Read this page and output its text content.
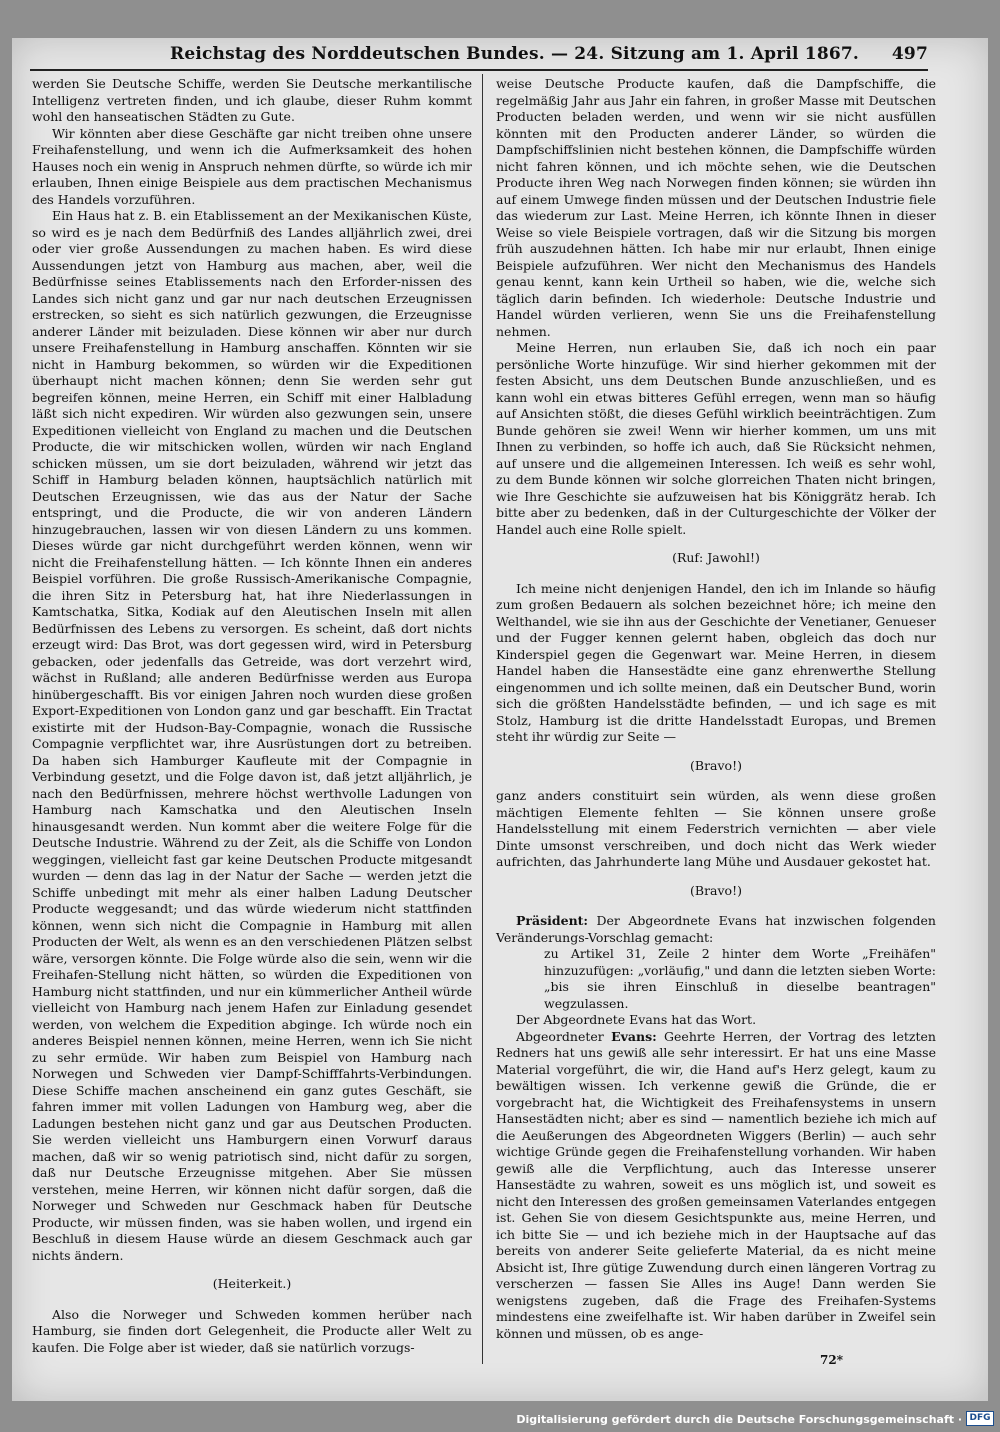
Reichstag des Norddeutschen Bundes. — 24. Sitzung am 1. April 1867. 497

werden Sie Deutsche Schiffe, werden Sie Deutsche merkantilische Intelligenz vertreten finden, und ich glaube, dieser Ruhm kommt wohl den hanseatischen Städten zu Gute.

Wir könnten aber diese Geschäfte gar nicht treiben ohne unsere Freihafenstellung, und wenn ich die Aufmerksamkeit des hohen Hauses noch ein wenig in Anspruch nehmen dürfte, so würde ich mir erlauben, Ihnen einige Beispiele aus dem practischen Mechanismus des Handels vorzuführen.

Ein Haus hat z. B. ein Etablissement an der Mexikanischen Küste, so wird es je nach dem Bedürfniß des Landes alljährlich zwei, drei oder vier große Aussendungen zu machen haben. Es wird diese Aussendungen jetzt von Hamburg aus machen, aber, weil die Bedürfnisse seines Etablissements nach den Erforder-nissen des Landes sich nicht ganz und gar nur nach deutschen Erzeugnissen erstrecken, so sieht es sich natürlich gezwungen, die Erzeugnisse anderer Länder mit beizuladen. Diese können wir aber nur durch unsere Freihafenstellung in Hamburg anschaffen. Könnten wir sie nicht in Hamburg bekommen, so würden wir die Expeditionen überhaupt nicht machen können; denn Sie werden sehr gut begreifen können, meine Herren, ein Schiff mit einer Halbladung läßt sich nicht expediren. Wir würden also gezwungen sein, unsere Expeditionen vielleicht von England zu machen und die Deutschen Producte, die wir mitschicken wollen, würden wir nach England schicken müssen, um sie dort beizuladen, während wir jetzt das Schiff in Hamburg beladen können, hauptsächlich natürlich mit Deutschen Erzeugnissen, wie das aus der Natur der Sache entspringt, und die Producte, die wir von anderen Ländern hinzugebrauchen, lassen wir von diesen Ländern zu uns kommen. Dieses würde gar nicht durchgeführt werden können, wenn wir nicht die Freihafenstellung hätten. — Ich könnte Ihnen ein anderes Beispiel vorführen. Die große Russisch-Amerikanische Compagnie, die ihren Sitz in Petersburg hat, hat ihre Niederlassungen in Kamtschatka, Sitka, Kodiak auf den Aleutischen Inseln mit allen Bedürfnissen des Lebens zu versorgen. Es scheint, daß dort nichts erzeugt wird: Das Brot, was dort gegessen wird, wird in Petersburg gebacken, oder jedenfalls das Getreide, was dort verzehrt wird, wächst in Rußland; alle anderen Bedürfnisse werden aus Europa hinübergeschafft. Bis vor einigen Jahren noch wurden diese großen Export-Expeditionen von London ganz und gar beschafft. Ein Tractat existirte mit der Hudson-Bay-Compagnie, wonach die Russische Compagnie verpflichtet war, ihre Ausrüstungen dort zu betreiben. Da haben sich Hamburger Kaufleute mit der Compagnie in Verbindung gesetzt, und die Folge davon ist, daß jetzt alljährlich, je nach den Bedürfnissen, mehrere höchst werthvolle Ladungen von Hamburg nach Kamschatka und den Aleutischen Inseln hinausgesandt werden. Nun kommt aber die weitere Folge für die Deutsche Industrie. Während zu der Zeit, als die Schiffe von London weggingen, vielleicht fast gar keine Deutschen Producte mitgesandt wurden — denn das lag in der Natur der Sache — werden jetzt die Schiffe unbedingt mit mehr als einer halben Ladung Deutscher Producte weggesandt; und das würde wiederum nicht stattfinden können, wenn sich nicht die Compagnie in Hamburg mit allen Producten der Welt, als wenn es an den verschiedenen Plätzen selbst wäre, versorgen könnte. Die Folge würde also die sein, wenn wir die Freihafen-Stellung nicht hätten, so würden die Expeditionen von Hamburg nicht stattfinden, und nur ein kümmerlicher Antheil würde vielleicht von Hamburg nach jenem Hafen zur Einladung gesendet werden, von welchem die Expedition abginge. Ich würde noch ein anderes Beispiel nennen können, meine Herren, wenn ich Sie nicht zu sehr ermüde. Wir haben zum Beispiel von Hamburg nach Norwegen und Schweden vier Dampf-Schifffahrts-Verbindungen. Diese Schiffe machen anscheinend ein ganz gutes Geschäft, sie fahren immer mit vollen Ladungen von Hamburg weg, aber die Ladungen bestehen nicht ganz und gar aus Deutschen Producten. Sie werden vielleicht uns Hamburgern einen Vorwurf daraus machen, daß wir so wenig patriotisch sind, nicht dafür zu sorgen, daß nur Deutsche Erzeugnisse mitgehen. Aber Sie müssen verstehen, meine Herren, wir können nicht dafür sorgen, daß die Norweger und Schweden nur Geschmack haben für Deutsche Producte, wir müssen finden, was sie haben wollen, und irgend ein Beschluß in diesem Hause würde an diesem Geschmack auch gar nichts ändern.

(Heiterkeit.)

Also die Norweger und Schweden kommen herüber nach Hamburg, sie finden dort Gelegenheit, die Producte aller Welt zu kaufen. Die Folge aber ist wieder, daß sie natürlich vorzugs-

weise Deutsche Producte kaufen, daß die Dampfschiffe, die regelmäßig Jahr aus Jahr ein fahren, in großer Masse mit Deutschen Producten beladen werden, und wenn wir sie nicht ausfüllen könnten mit den Producten anderer Länder, so würden die Dampfschiffslinien nicht bestehen können, die Dampfschiffe würden nicht fahren können, und ich möchte sehen, wie die Deutschen Producte ihren Weg nach Norwegen finden können; sie würden ihn auf einem Umwege finden müssen und der Deutschen Industrie fiele das wiederum zur Last. Meine Herren, ich könnte Ihnen in dieser Weise so viele Beispiele vortragen, daß wir die Sitzung bis morgen früh auszudehnen hätten. Ich habe mir nur erlaubt, Ihnen einige Beispiele aufzuführen. Wer nicht den Mechanismus des Handels genau kennt, kann kein Urtheil so haben, wie die, welche sich täglich darin befinden. Ich wiederhole: Deutsche Industrie und Handel würden verlieren, wenn Sie uns die Freihafenstellung nehmen.

Meine Herren, nun erlauben Sie, daß ich noch ein paar persönliche Worte hinzufüge. Wir sind hierher gekommen mit der festen Absicht, uns dem Deutschen Bunde anzuschließen, und es kann wohl ein etwas bitteres Gefühl erregen, wenn man so häufig auf Ansichten stößt, die dieses Gefühl wirklich beeinträchtigen. Zum Bunde gehören sie zwei! Wenn wir hierher kommen, um uns mit Ihnen zu verbinden, so hoffe ich auch, daß Sie Rücksicht nehmen, auf unsere und die allgemeinen Interessen. Ich weiß es sehr wohl, zu dem Bunde können wir solche glorreichen Thaten nicht bringen, wie Ihre Geschichte sie aufzuweisen hat bis Königgrätz herab. Ich bitte aber zu bedenken, daß in der Culturgeschichte der Völker der Handel auch eine Rolle spielt.

(Ruf: Jawohl!)

Ich meine nicht denjenigen Handel, den ich im Inlande so häufig zum großen Bedauern als solchen bezeichnet höre; ich meine den Welthandel, wie sie ihn aus der Geschichte der Venetianer, Genueser und der Fugger kennen gelernt haben, obgleich das doch nur Kinderspiel gegen die Gegenwart war. Meine Herren, in diesem Handel haben die Hansestädte eine ganz ehrenwerthe Stellung eingenommen und ich sollte meinen, daß ein Deutscher Bund, worin sich die größten Handelsstädte befinden, — und ich sage es mit Stolz, Hamburg ist die dritte Handelsstadt Europas, und Bremen steht ihr würdig zur Seite —

(Bravo!)

ganz anders constituirt sein würden, als wenn diese großen mächtigen Elemente fehlten — Sie können unsere große Handelsstellung mit einem Federstrich vernichten — aber viele Dinte umsonst verschreiben, und doch nicht das Werk wieder aufrichten, das Jahrhunderte lang Mühe und Ausdauer gekostet hat.

(Bravo!)

Präsident: Der Abgeordnete Evans hat inzwischen folgenden Veränderungs-Vorschlag gemacht:

zu Artikel 31, Zeile 2 hinter dem Worte „Freihäfen" hinzuzufügen: „vorläufig," und dann die letzten sieben Worte: „bis sie ihren Einschluß in dieselbe beantragen" wegzulassen.

Der Abgeordnete Evans hat das Wort.

Abgeordneter Evans: Geehrte Herren, der Vortrag des letzten Redners hat uns gewiß alle sehr interessirt. Er hat uns eine Masse Material vorgeführt, die wir, die Hand auf's Herz gelegt, kaum zu bewältigen wissen. Ich verkenne gewiß die Gründe, die er vorgebracht hat, die Wichtigkeit des Freihafensystems in unsern Hansestädten nicht; aber es sind — namentlich beziehe ich mich auf die Aeußerungen des Abgeordneten Wiggers (Berlin) — auch sehr wichtige Gründe gegen die Freihafenstellung vorhanden. Wir haben gewiß alle die Verpflichtung, auch das Interesse unserer Hansestädte zu wahren, soweit es uns möglich ist, und soweit es nicht den Interessen des großen gemeinsamen Vaterlandes entgegen ist. Gehen Sie von diesem Gesichtspunkte aus, meine Herren, und ich bitte Sie — und ich beziehe mich in der Hauptsache auf das bereits von anderer Seite gelieferte Material, da es nicht meine Absicht ist, Ihre gütige Zuwendung durch einen längeren Vortrag zu verscherzen — fassen Sie Alles ins Auge! Dann werden Sie wenigstens zugeben, daß die Frage des Freihafen-Systems mindestens eine zweifelhafte ist. Wir haben darüber in Zweifel sein können und müssen, ob es ange-

72*
Digitalisierung gefördert durch die Deutsche Forschungsgemeinschaft · DFG
